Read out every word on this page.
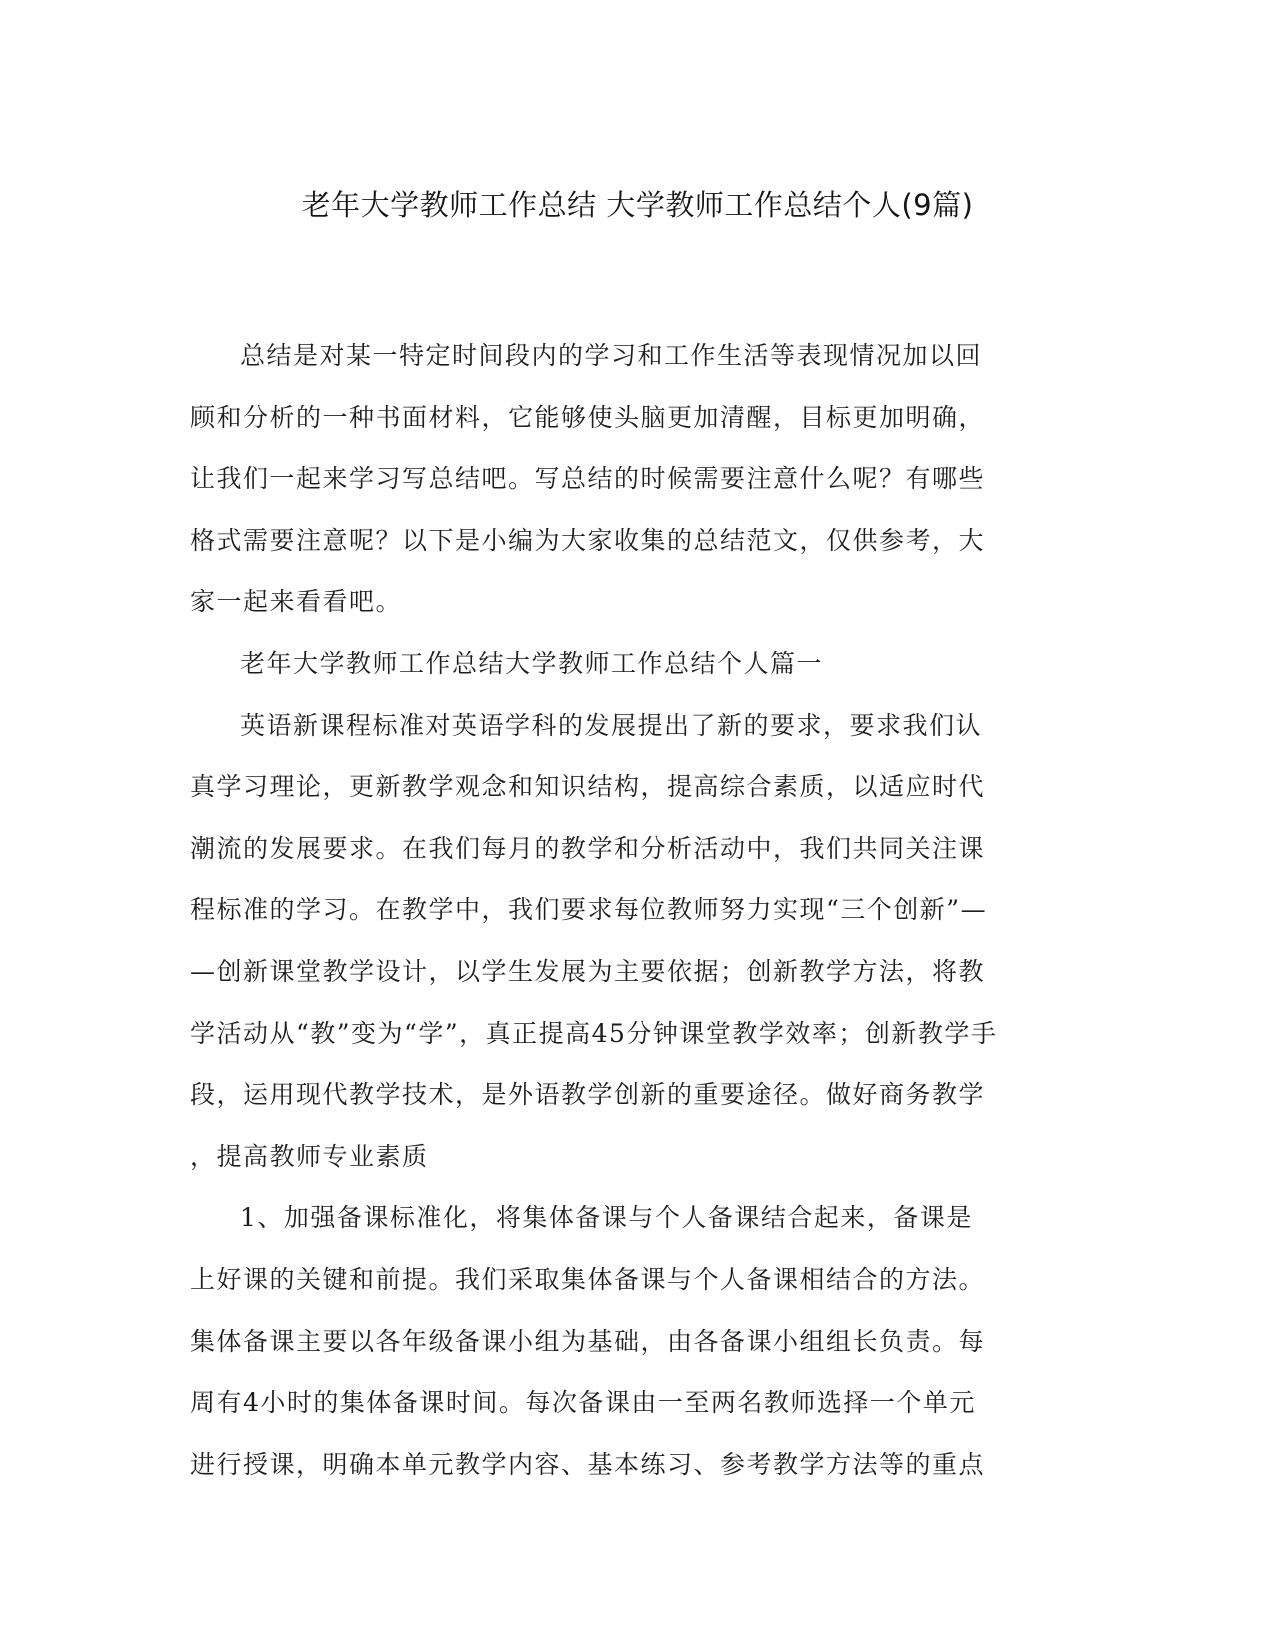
老年大学教师工作总结 大学教师工作总结个人(9篇)
总结是对某一特定时间段内的学习和工作生活等表现情况加以回
顾和分析的一种书面材料，它能够使头脑更加清醒，目标更加明确，
让我们一起来学习写总结吧。写总结的时候需要注意什么呢？有哪些
格式需要注意呢？以下是小编为大家收集的总结范文，仅供参考，大
家一起来看看吧。
老年大学教师工作总结大学教师工作总结个人篇一
英语新课程标准对英语学科的发展提出了新的要求，要求我们认
真学习理论，更新教学观念和知识结构，提高综合素质，以适应时代
潮流的发展要求。在我们每月的教学和分析活动中，我们共同关注课
程标准的学习。在教学中，我们要求每位教师努力实现“三个创新”—
—创新课堂教学设计，以学生发展为主要依据；创新教学方法，将教
学活动从“教”变为“学”，真正提高45分钟课堂教学效率；创新教学手
段，运用现代教学技术，是外语教学创新的重要途径。做好商务教学
，提高教师专业素质
1、加强备课标准化，将集体备课与个人备课结合起来，备课是
上好课的关键和前提。我们采取集体备课与个人备课相结合的方法。
集体备课主要以各年级备课小组为基础，由各备课小组组长负责。每
周有4小时的集体备课时间。每次备课由一至两名教师选择一个单元
进行授课，明确本单元教学内容、基本练习、参考教学方法等的重点
